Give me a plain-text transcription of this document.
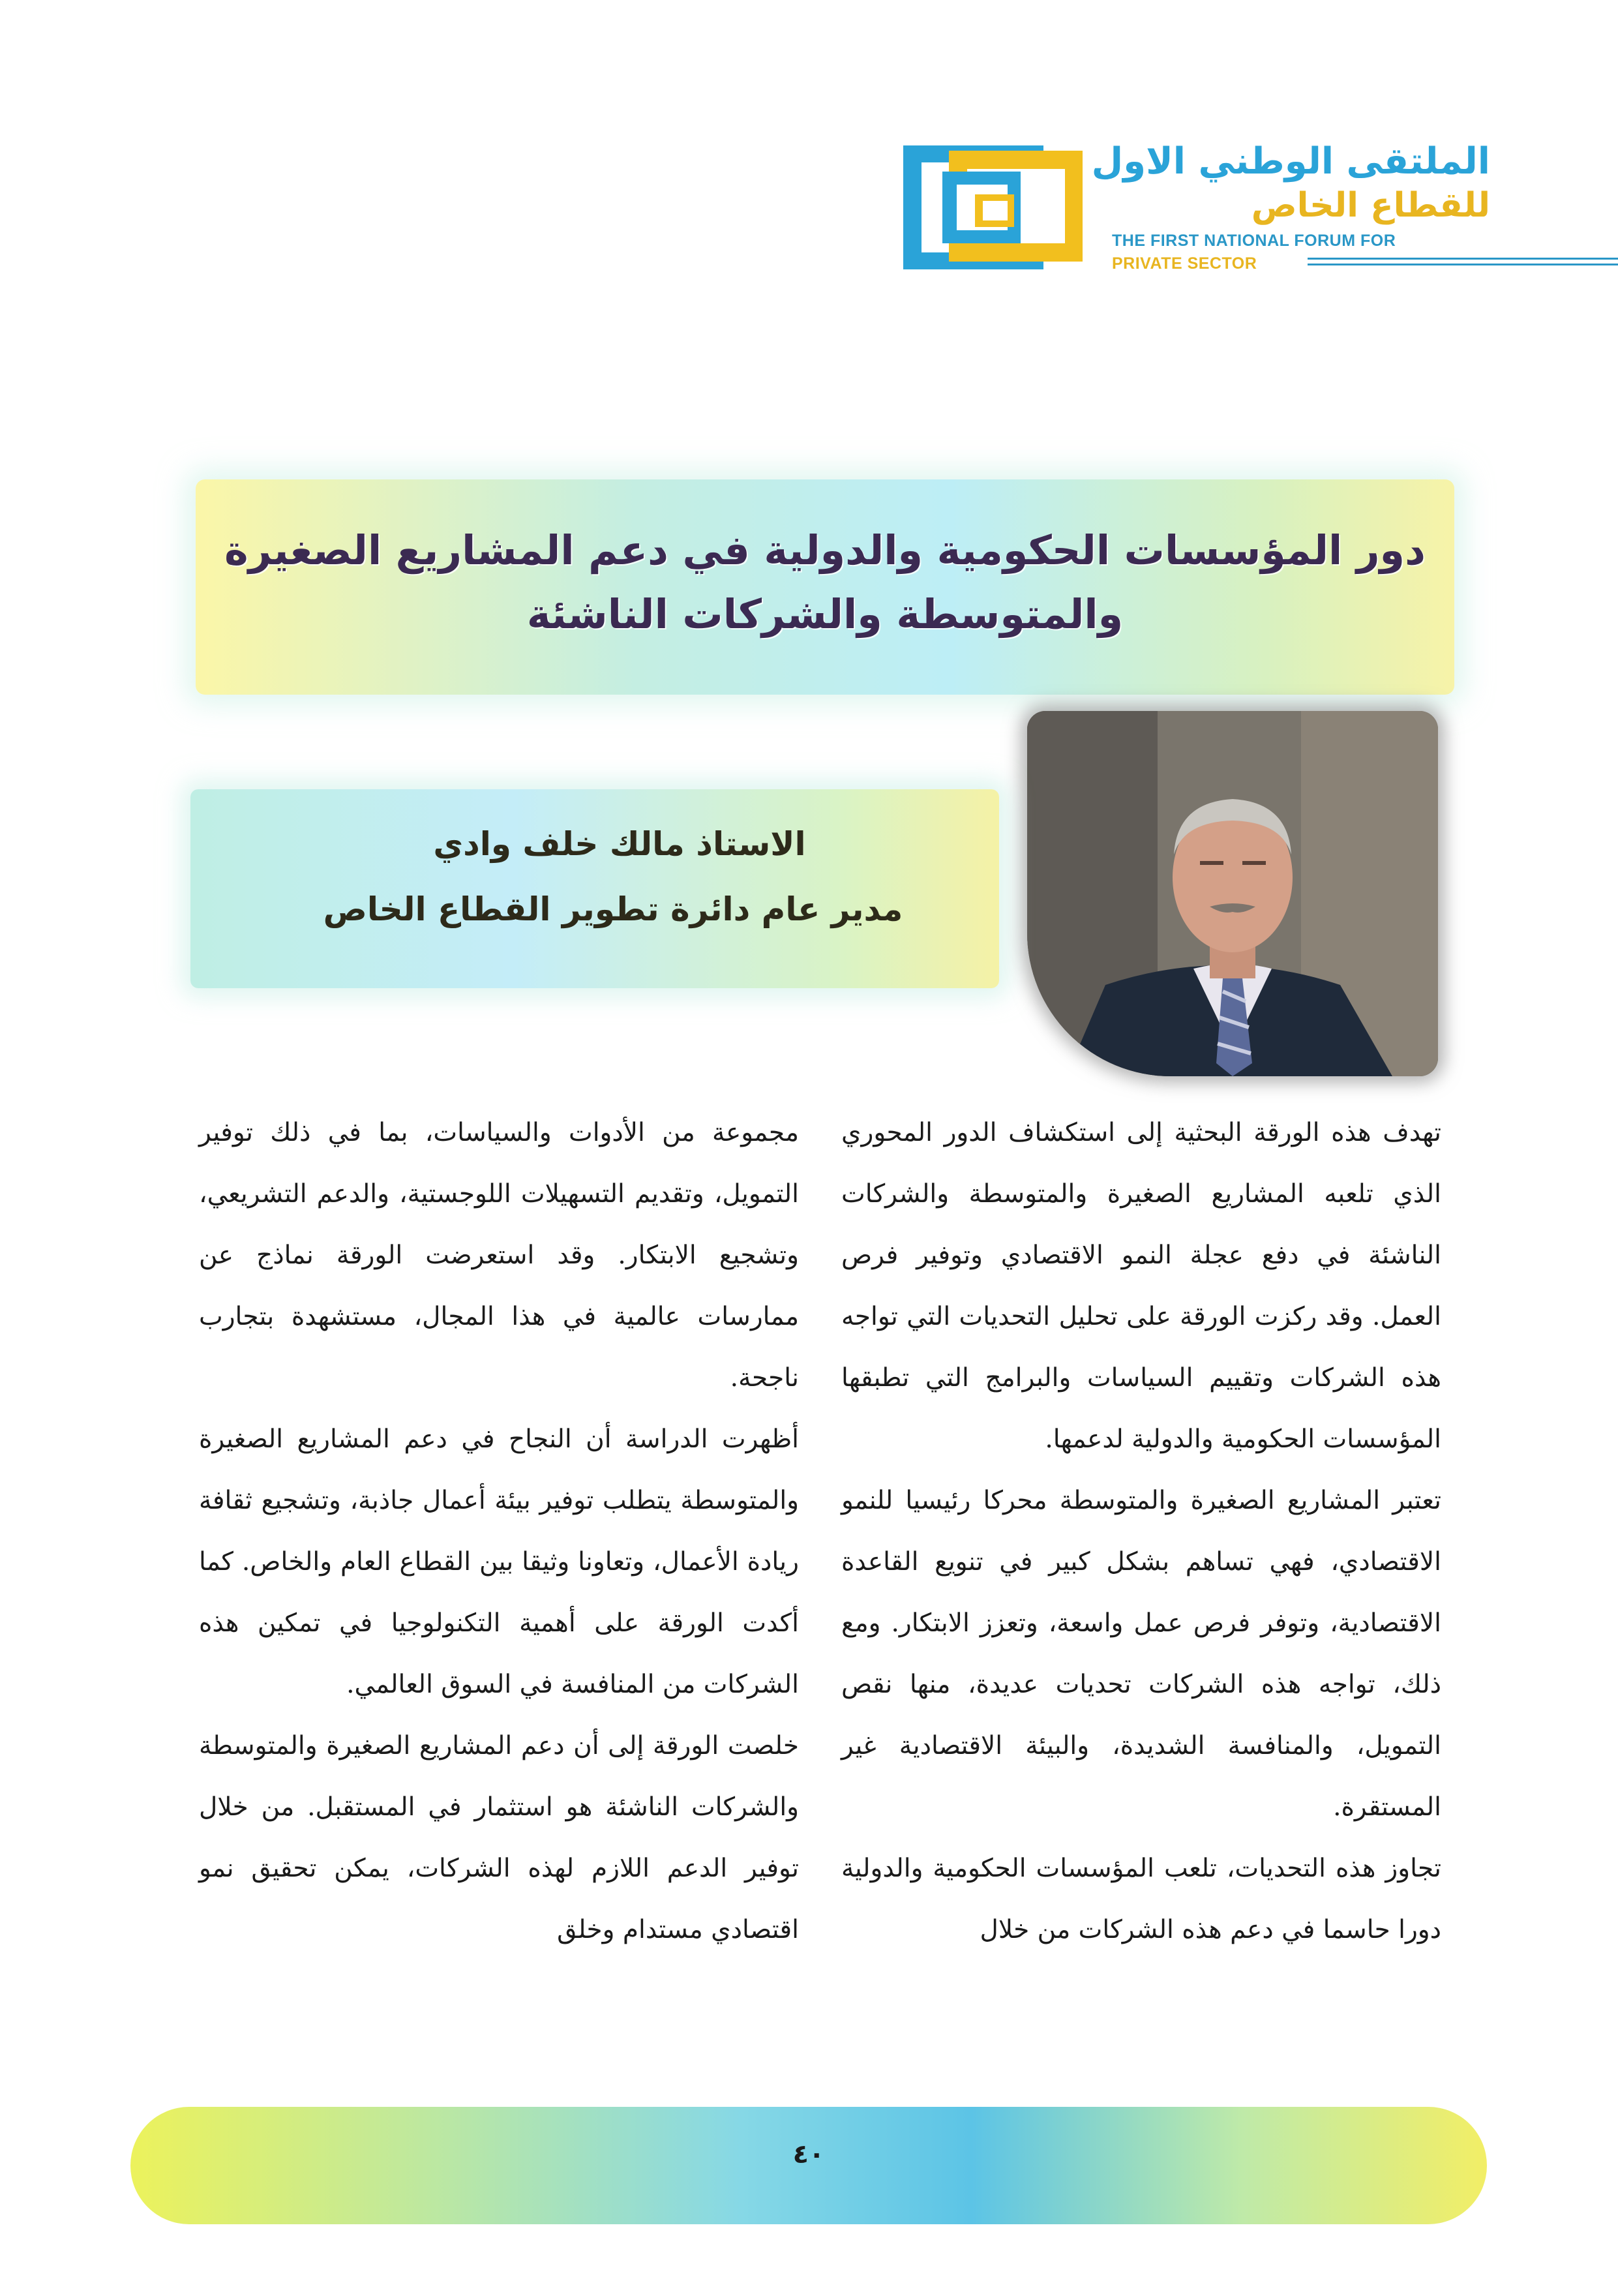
الملتقى الوطني الاول
للقطاع الخاص
THE FIRST NATIONAL FORUM FOR
PRIVATE SECTOR
دور المؤسسات الحكومية والدولية في دعم المشاريع الصغيرة والمتوسطة والشركات الناشئة
الاستاذ مالك خلف وادي
مدير عام دائرة تطوير القطاع الخاص

تهدف هذه الورقة البحثية إلى استكشاف الدور المحوري الذي تلعبه المشاريع الصغيرة والمتوسطة والشركات الناشئة في دفع عجلة النمو الاقتصادي وتوفير فرص العمل. وقد ركزت الورقة على تحليل التحديات التي تواجه هذه الشركات وتقييم السياسات والبرامج التي تطبقها المؤسسات الحكومية والدولية لدعمها.

تعتبر المشاريع الصغيرة والمتوسطة محركا رئيسيا للنمو الاقتصادي، فهي تساهم بشكل كبير في تنويع القاعدة الاقتصادية، وتوفر فرص عمل واسعة، وتعزز الابتكار. ومع ذلك، تواجه هذه الشركات تحديات عديدة، منها نقص التمويل، والمنافسة الشديدة، والبيئة الاقتصادية غير المستقرة.

تجاوز هذه التحديات، تلعب المؤسسات الحكومية والدولية دورا حاسما في دعم هذه الشركات من خلال

مجموعة من الأدوات والسياسات، بما في ذلك توفير التمويل، وتقديم التسهيلات اللوجستية، والدعم التشريعي، وتشجيع الابتكار. وقد استعرضت الورقة نماذج عن ممارسات عالمية في هذا المجال، مستشهدة بتجارب ناجحة.

أظهرت الدراسة أن النجاح في دعم المشاريع الصغيرة والمتوسطة يتطلب توفير بيئة أعمال جاذبة، وتشجيع ثقافة ريادة الأعمال، وتعاونا وثيقا بين القطاع العام والخاص. كما أكدت الورقة على أهمية التكنولوجيا في تمكين هذه الشركات من المنافسة في السوق العالمي.

خلصت الورقة إلى أن دعم المشاريع الصغيرة والمتوسطة والشركات الناشئة هو استثمار في المستقبل. من خلال توفير الدعم اللازم لهذه الشركات، يمكن تحقيق نمو اقتصادي مستدام وخلق

٤٠
